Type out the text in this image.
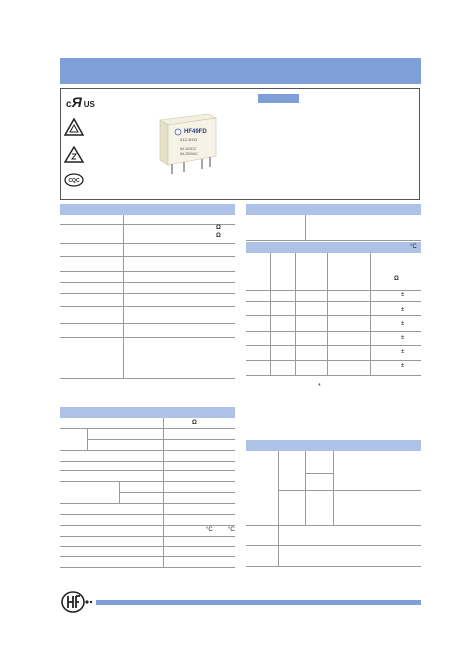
cЯ US
CQC
HF49FD
012-1H11
5A 30VDC
5A 250VAC
Ω
Ω
°C
Ω
±
±
±
±
±
±
*
Ω
°C	°C
